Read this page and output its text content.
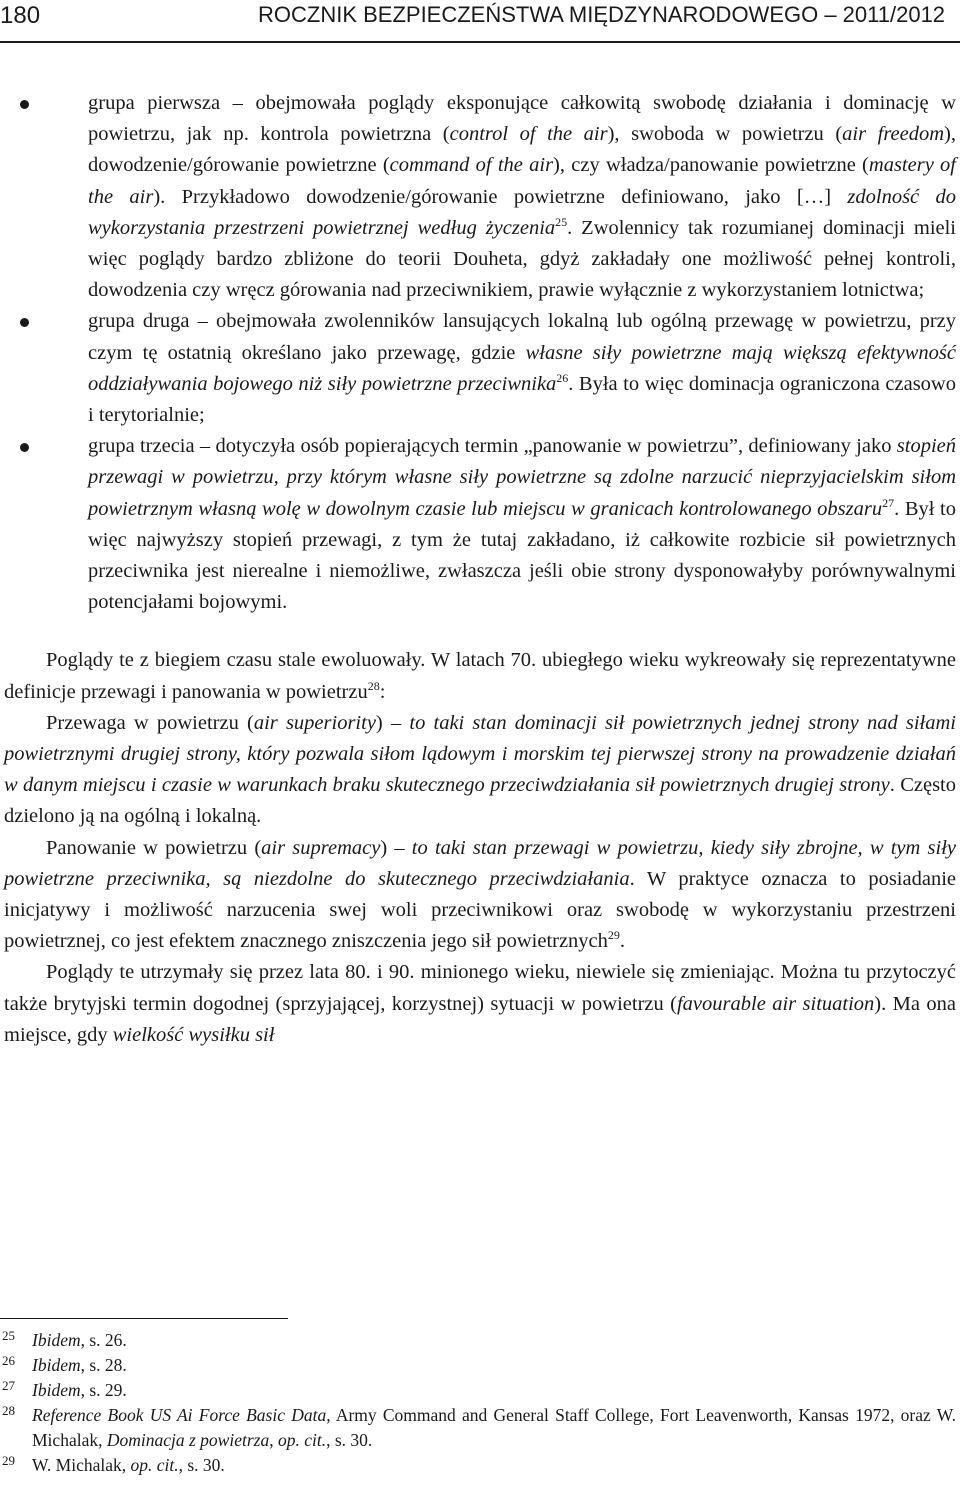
180	ROCZNIK BEZPIECZEŃSTWA MIĘDZYNARODOWEGO – 2011/2012
grupa pierwsza – obejmowała poglądy eksponujące całkowitą swobodę działania i dominację w powietrzu, jak np. kontrola powietrzna (control of the air), swoboda w powietrzu (air freedom), dowodzenie/górowanie powietrzne (command of the air), czy władza/panowanie powietrzne (mastery of the air). Przykładowo dowodzenie/górowanie powietrzne definiowano, jako […] zdolność do wykorzystania przestrzeni powietrznej według życzenia$^{25}$. Zwolennicy tak rozumianej dominacji mieli więc poglądy bardzo zbliżone do teorii Douheta, gdyż zakładały one możliwość pełnej kontroli, dowodzenia czy wręcz górowania nad przeciwnikiem, prawie wyłącznie z wykorzystaniem lotnictwa;
grupa druga – obejmowała zwolenników lansujących lokalną lub ogólną przewagę w powietrzu, przy czym tę ostatnią określano jako przewagę, gdzie własne siły powietrzne mają większą efektywność oddziaływania bojowego niż siły powietrzne przeciwnika$^{26}$. Była to więc dominacja ograniczona czasowo i terytorialnie;
grupa trzecia – dotyczyła osób popierających termin „panowanie w powietrzu”, definiowany jako stopień przewagi w powietrzu, przy którym własne siły powietrzne są zdolne narzucić nieprzyjacielskim siłom powietrznym własną wolę w dowolnym czasie lub miejscu w granicach kontrolowanego obszaru$^{27}$. Był to więc najwyższy stopień przewagi, z tym że tutaj zakładano, iż całkowite rozbicie sił powietrznych przeciwnika jest nierealne i niemożliwe, zwłaszcza jeśli obie strony dysponowałyby porównywalnymi potencjałami bojowymi.

Poglądy te z biegiem czasu stale ewoluowały. W latach 70. ubiegłego wieku wykreowały się reprezentatywne definicje przewagi i panowania w powietrzu$^{28}$:

Przewaga w powietrzu (air superiority) – to taki stan dominacji sił powietrznych jednej strony nad siłami powietrznymi drugiej strony, który pozwala siłom lądowym i morskim tej pierwszej strony na prowadzenie działań w danym miejscu i czasie w warunkach braku skutecznego przeciwdziałania sił powietrznych drugiej strony. Często dzielono ją na ogólną i lokalną.

Panowanie w powietrzu (air supremacy) – to taki stan przewagi w powietrzu, kiedy siły zbrojne, w tym siły powietrzne przeciwnika, są niezdolne do skutecznego przeciwdziałania. W praktyce oznacza to posiadanie inicjatywy i możliwość narzucenia swej woli przeciwnikowi oraz swobodę w wykorzystaniu przestrzeni powietrznej, co jest efektem znacznego zniszczenia jego sił powietrznych$^{29}$.

Poglądy te utrzymały się przez lata 80. i 90. minionego wieku, niewiele się zmieniając. Można tu przytoczyć także brytyjski termin dogodnej (sprzyjającej, korzystnej) sytuacji w powietrzu (favourable air situation). Ma ona miejsce, gdy wielkość wysiłku sił

25 Ibidem, s. 26.
26 Ibidem, s. 28.
27 Ibidem, s. 29.
28 Reference Book US Ai Force Basic Data, Army Command and General Staff College, Fort Leavenworth, Kansas 1972, oraz W. Michalak, Dominacja z powietrza, op. cit., s. 30.
29 W. Michalak, op. cit., s. 30.
